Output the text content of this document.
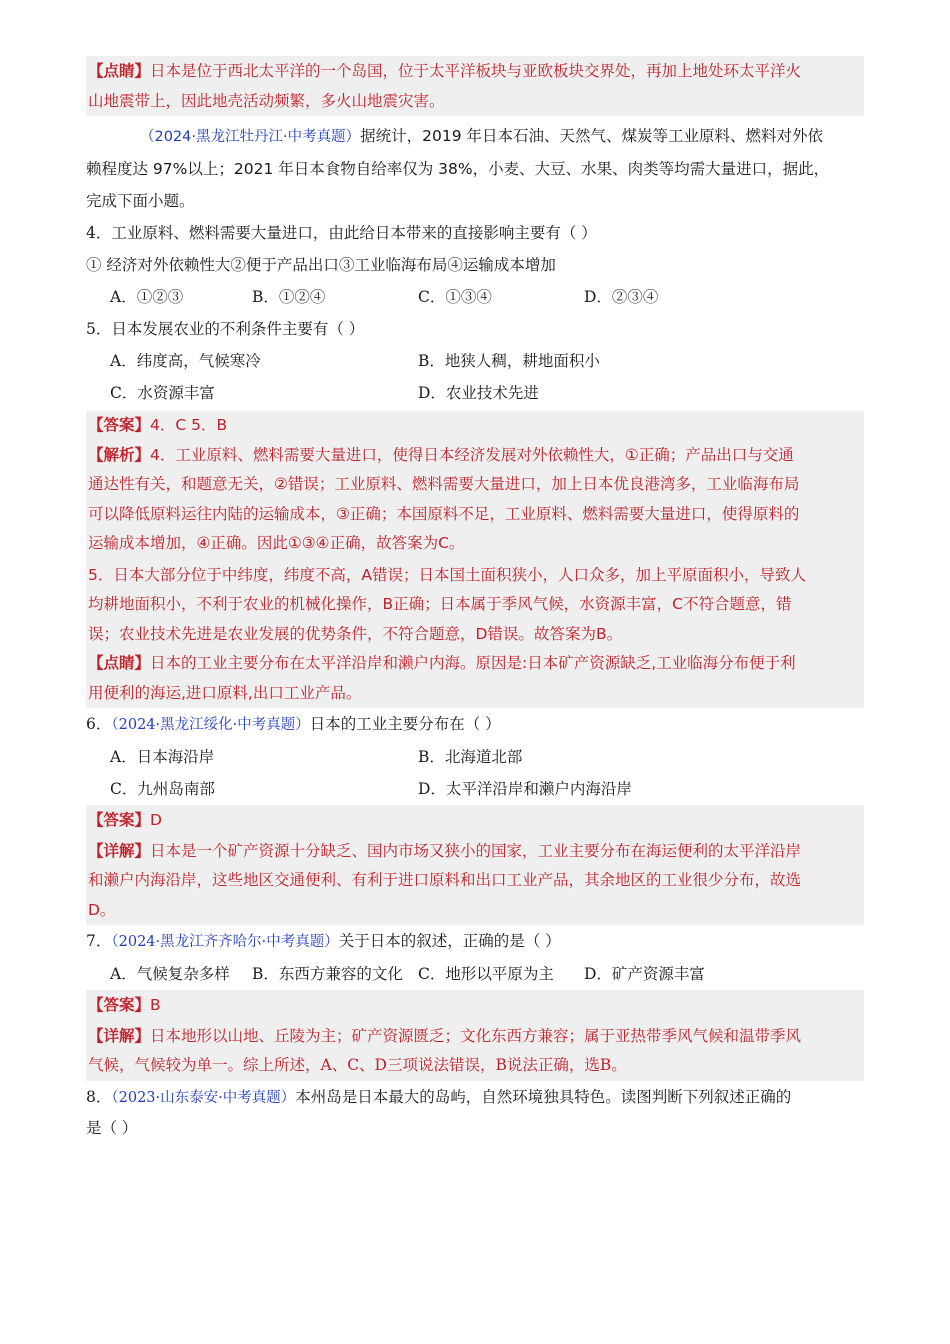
【点睛】日本是位于西北太平洋的一个岛国，位于太平洋板块与亚欧板块交界处，再加上地处环太平洋火
山地震带上，因此地壳活动频繁，多火山地震灾害。
（2024·黑龙江牡丹江·中考真题）据统计，2019 年日本石油、天然气、煤炭等工业原料、燃料对外依
赖程度达 97%以上；2021 年日本食物自给率仅为 38%，小麦、大豆、水果、肉类等均需大量进口，据此，
完成下面小题。
4．工业原料、燃料需要大量进口，由此给日本带来的直接影响主要有（ ）
① 经济对外依赖性大②便于产品出口③工业临海布局④运输成本增加
A．①②③	B．①②④	C．①③④	D．②③④
5．日本发展农业的不利条件主要有（ ）
A．纬度高，气候寒冷	B．地狭人稠，耕地面积小
C．水资源丰富	D．农业技术先进
【答案】4．C 5．B
【解析】4．工业原料、燃料需要大量进口，使得日本经济发展对外依赖性大，①正确；产品出口与交通
通达性有关，和题意无关，②错误；工业原料、燃料需要大量进口，加上日本优良港湾多，工业临海布局
可以降低原料运往内陆的运输成本，③正确；本国原料不足，工业原料、燃料需要大量进口，使得原料的
运输成本增加，④正确。因此①③④正确，故答案为C。
5．日本大部分位于中纬度，纬度不高，A错误；日本国土面积狭小，人口众多，加上平原面积小，导致人
均耕地面积小，不利于农业的机械化操作，B正确；日本属于季风气候，水资源丰富，C不符合题意，错
误；农业技术先进是农业发展的优势条件，不符合题意，D错误。故答案为B。
【点睛】日本的工业主要分布在太平洋沿岸和濑户内海。原因是:日本矿产资源缺乏,工业临海分布便于利
用便利的海运,进口原料,出口工业产品。
6．（2024·黑龙江绥化·中考真题）日本的工业主要分布在（ ）
A．日本海沿岸	B．北海道北部
C．九州岛南部	D．太平洋沿岸和濑户内海沿岸
【答案】D
【详解】日本是一个矿产资源十分缺乏、国内市场又狭小的国家，工业主要分布在海运便利的太平洋沿岸
和濑户内海沿岸，这些地区交通便利、有利于进口原料和出口工业产品，其余地区的工业很少分布，故选
D。
7．（2024·黑龙江齐齐哈尔·中考真题）关于日本的叙述，正确的是（ ）
A．气候复杂多样 B．东西方兼容的文化 C．地形以平原为主 D．矿产资源丰富
【答案】B
【详解】日本地形以山地、丘陵为主；矿产资源匮乏；文化东西方兼容；属于亚热带季风气候和温带季风
气候，气候较为单一。综上所述，A、C、D三项说法错误，B说法正确，选B。
8．（2023·山东泰安·中考真题）本州岛是日本最大的岛屿，自然环境独具特色。读图判断下列叙述正确的
是（ ）
